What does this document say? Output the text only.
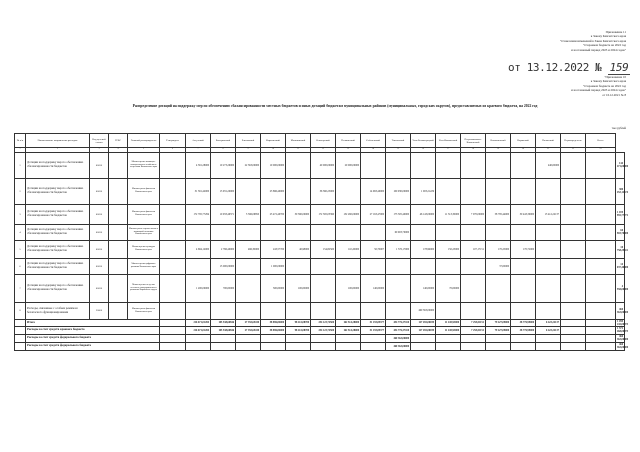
Приложение 11
к Закону Камчатского края
"О внесении изменений в Закон Камчатского края
"О краевом бюджете на 2022 год
и на плановый период 2023 и 2024 годов"
от 13.12.2022 № 159
"Приложение 10
к Закону Камчатского края
"О краевом бюджете на 2022 год
и на плановый период 2023 и 2024 годов"
от 10.12.2021 № 8
Распределение дотаций на поддержку мер по обеспечению сбалансированности местных бюджетов и иных дотаций бюджетам муниципальных районов (муниципальных, городских округов), предоставляемых из краевого бюджета, на 2022 год
тыс.рублей
№ п/п	Наименование направления расходов	Код целевой статьи	ГРБС	Главный распорядитель	Утверждено	Алеутский	Быстринский	Елизовский	Карагинский	Мильковский	Олюторский	Пенжинский	Соболевский	Тигильский	Усть-Большерецкий	Усть-Камчатский	Петропавловск-Камчатский	Вилючинский	Корякский	Паланский	Нераспределено	Всего	
1	2	3	4	5	6	7	8	9	10	11	12	13	14	15	16	17	18	19	20	21	22	23	
1	Дотации на поддержку мер по обеспечению сбалансированности бюджетов	60030		Министерство жилищно-коммунального хозяйства и энергетики Камчатского края		4 391,28000	10 273,29000	22 363,00000	10 000,00000		40 000,00000	20 000,00000								440,00000			144 471,00000
2	Дотации на поддержку мер по обеспечению сбалансированности бюджетов	60030		Министерство финансов Камчатского края		31 391,42000	13 931,20000		23 896,40000		36 360,25000		14 993,40000	100 930,00000	1 003,21229								380 453,12574
3	Дотации на поддержку мер по обеспечению сбалансированности бюджетов	60030		Министерство финансов Камчатского края		172 795,77284	10 933,49371	3 596,06850	23 472,40700	30 390,00000	172 595,03390	132 260,00000	27 163,47000	173 305,40000	46 143,00000	11 313,30000	7 070,00000	58 785,44000	30 443,30000	13 412,22137			1 019 992,77271
4	Дотации на поддержку мер по обеспечению сбалансированности бюджетов	60030		Министерство строительства и жилищной политики Камчатского края										60 903,70000									60 903,70000
5	Дотации на поддержку мер по обеспечению сбалансированности бюджетов	60030		Министерство культуры Камчатского края		4 694,12000	2 766,40000	496,30000	243,57700	40,98000	154,82500	110,20000	50,70007	1 576,17000	178,99000	150,23000	107,17151	170,25000	170,72000				10 758,29811
6	Дотации на поддержку мер по обеспечению сбалансированности бюджетов	60030		Министерство цифрового развития Камчатского края			13 000,00000		1 000,00000									37,00000					14 037,40000
7	Дотации на поддержку мер по обеспечению сбалансированности бюджетов	60030		Министерство по делам местного самоуправления и развитию Корякского округа		1 200,00000	700,00000		300,00000	100,00000		100,00000	140,00000		140,00000	70,00000							4 550,00000
8	Расходы, связанные с особым режимом безопасного функционирования	20000		Министерство финансов Камчатского края											460 363,00000								460 363,00000
	Итого					216 671,01284	105 538,60846	27 355,65430	58 896,84000	98 412,08700	254 123,72500	162 514,28000	51 193,85377	454 776,37410	127 492,00039	11 445,93000	7 255,01151	79 427,09000	38 776,99000	6 423,22137			1 059 242,00973
	Расходы за счет средств краевого бюджета					216 671,01284	105 538,60846	27 355,65430	58 896,84000	98 412,08700	254 123,72500	162 514,28000	51 193,85377	454 776,37410	127 492,00039	11 445,93000	7 255,01151	79 427,09000	38 776,99000	6 423,22137			1 571 468,00975
	Расходы за счет средств федерального бюджета													460 363,00000									460 363,00000
	Расходы за счет средств федерального бюджета													460 363,00000									460 363,00000
